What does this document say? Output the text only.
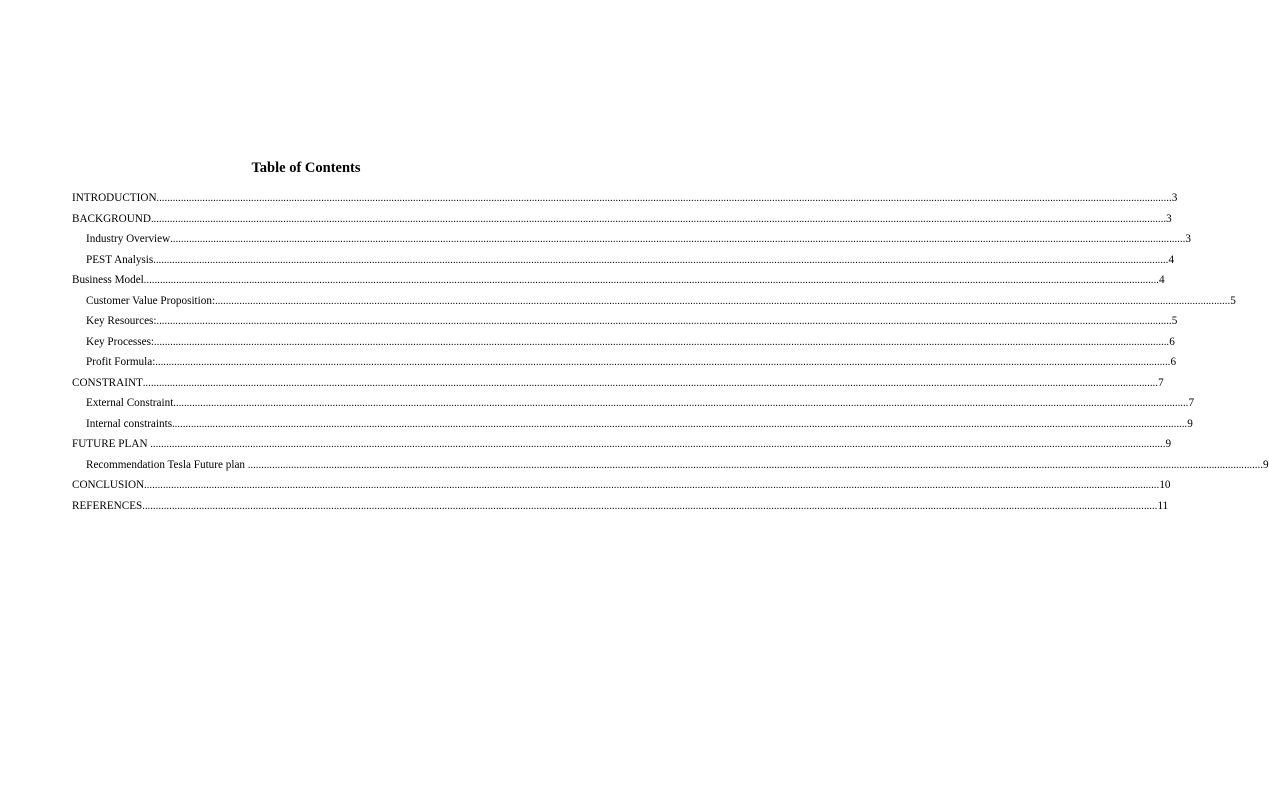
Table of Contents
INTRODUCTION ........................................................................................................................................................................................................................................................................................................................................................................................ 3
BACKGROUND ........................................................................................................................................................................................................................................................................................................................................................................................ 3
Industry Overview ........................................................................................................................................................................................................................................................................................................................................................................................ 3
PEST Analysis ........................................................................................................................................................................................................................................................................................................................................................................................ 4
Business Model ........................................................................................................................................................................................................................................................................................................................................................................................ 4
Customer Value Proposition: ........................................................................................................................................................................................................................................................................................................................................................................................ 5
Key Resources: ........................................................................................................................................................................................................................................................................................................................................................................................ 5
Key Processes: ........................................................................................................................................................................................................................................................................................................................................................................................ 6
Profit Formula: ........................................................................................................................................................................................................................................................................................................................................................................................ 6
CONSTRAINT ........................................................................................................................................................................................................................................................................................................................................................................................ 7
External Constraint ........................................................................................................................................................................................................................................................................................................................................................................................ 7
Internal constraints ........................................................................................................................................................................................................................................................................................................................................................................................ 9
FUTURE PLAN ........................................................................................................................................................................................................................................................................................................................................................................................ 9
Recommendation Tesla Future plan ........................................................................................................................................................................................................................................................................................................................................................................................ 9
CONCLUSION ........................................................................................................................................................................................................................................................................................................................................................................................ 10
REFERENCES ........................................................................................................................................................................................................................................................................................................................................................................................ 11
